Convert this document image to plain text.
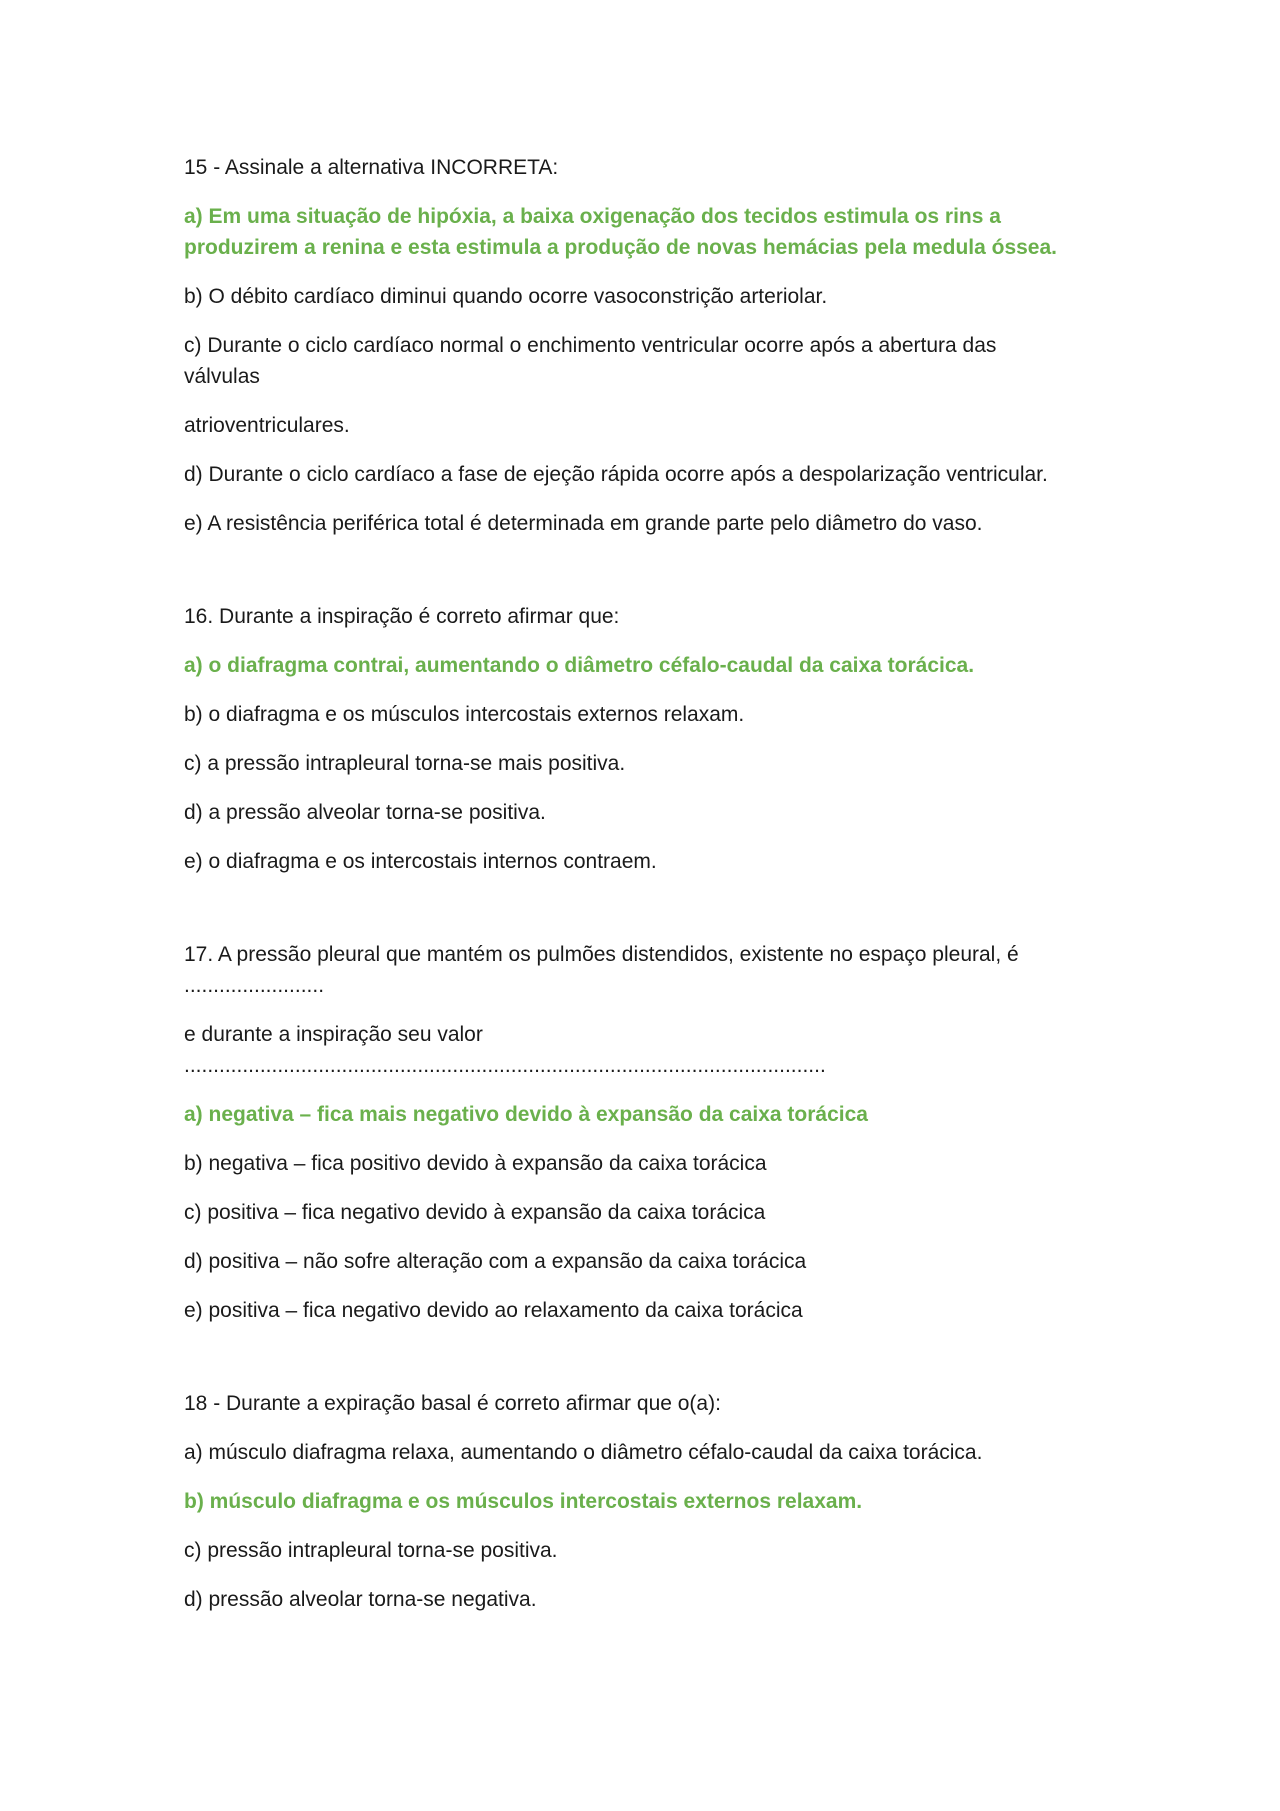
15 - Assinale a alternativa INCORRETA:

a) Em uma situação de hipóxia, a baixa oxigenação dos tecidos estimula os rins a produzirem a renina e esta estimula a produção de novas hemácias pela medula óssea.

b) O débito cardíaco diminui quando ocorre vasoconstrição arteriolar.

c) Durante o ciclo cardíaco normal o enchimento ventricular ocorre após a abertura das válvulas

atrioventriculares.

d) Durante o ciclo cardíaco a fase de ejeção rápida ocorre após a despolarização ventricular.

e) A resistência periférica total é determinada em grande parte pelo diâmetro do vaso.

16. Durante a inspiração é correto afirmar que:

a) o diafragma contrai, aumentando o diâmetro céfalo-caudal da caixa torácica.

b) o diafragma e os músculos intercostais externos relaxam.

c) a pressão intrapleural torna-se mais positiva.

d) a pressão alveolar torna-se positiva.

e) o diafragma e os intercostais internos contraem.

17. A pressão pleural que mantém os pulmões distendidos, existente no espaço pleural, é ........................

e durante a inspiração seu valor ..............................................................................................................

a) negativa – fica mais negativo devido à expansão da caixa torácica

b) negativa – fica positivo devido à expansão da caixa torácica

c) positiva – fica negativo devido à expansão da caixa torácica

d) positiva – não sofre alteração com a expansão da caixa torácica

e) positiva – fica negativo devido ao relaxamento da caixa torácica

18 - Durante a expiração basal é correto afirmar que o(a):

a) músculo diafragma relaxa, aumentando o diâmetro céfalo-caudal da caixa torácica.

b) músculo diafragma e os músculos intercostais externos relaxam.

c) pressão intrapleural torna-se positiva.

d) pressão alveolar torna-se negativa.
